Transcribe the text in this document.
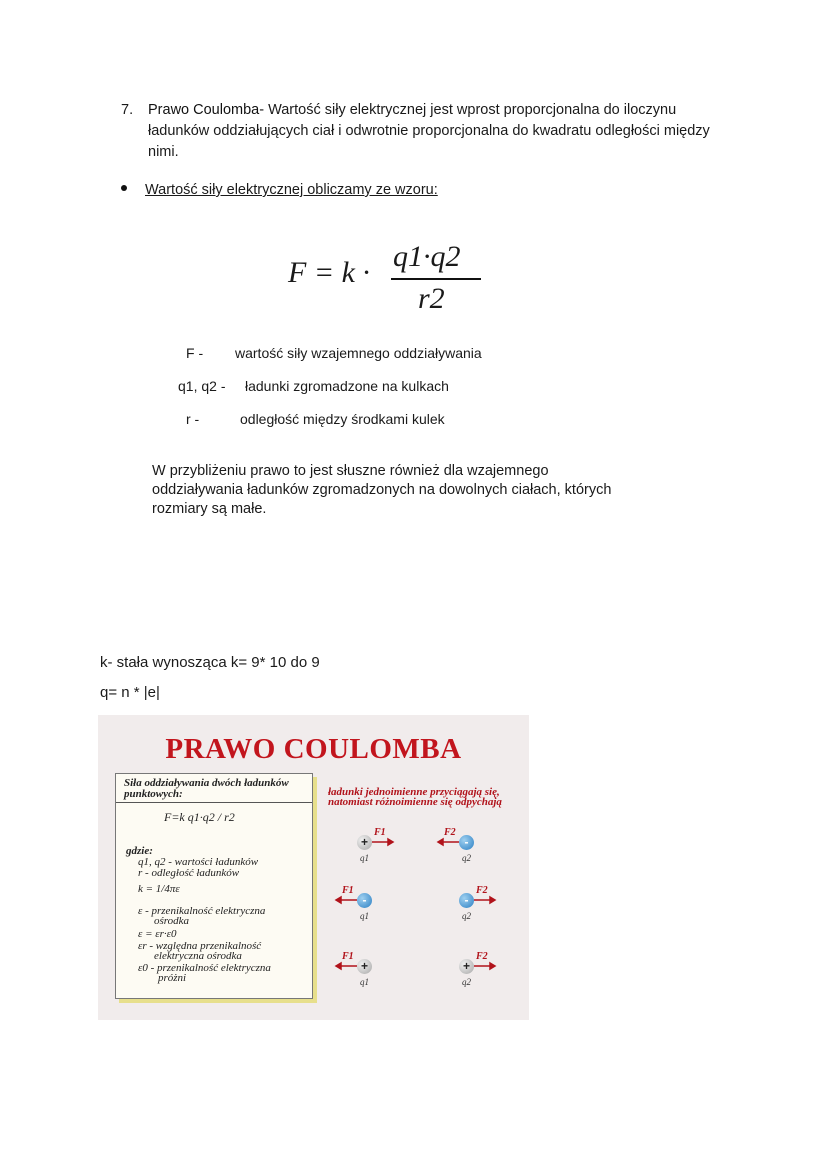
7. Prawo Coulomba- Wartość siły elektrycznej jest wprost proporcjonalna do iloczynu ładunków oddziałujących ciał i odwrotnie proporcjonalna do kwadratu odległości między nimi.
Wartość siły elektrycznej obliczamy ze wzoru:
F = k · q1·q2
r2
F - wartość siły wzajemnego oddziaływania
q1, q2 - ładunki zgromadzone na kulkach
r -	odległość między środkami kulek
W przybliżeniu prawo to jest słuszne również dla wzajemnego oddziaływania ładunków zgromadzonych na dowolnych ciałach, których rozmiary są małe.
k- stała wynosząca k= 9* 10 do 9
q= n * |e|
PRAWO COULOMBA
Siła oddziaływania dwóch ładunków punktowych:
F=k q1·q2 / r2
gdzie:
q1, q2 - wartości ładunków
r - odległość ładunków
k = 1/4πε
ε - przenikalność elektryczna
ośrodka
ε = εr·ε0
εr - względna przenikalność
elektryczna ośrodka
ε0 - przenikalność elektryczna
próżni
ładunki jednoimienne przyciągają się, natomiast różnoimienne się odpychają
+
F1
q1
-
F2
q2
-
F1
q1
-
F2
q2
+
F1
q1
+
F2
q2
